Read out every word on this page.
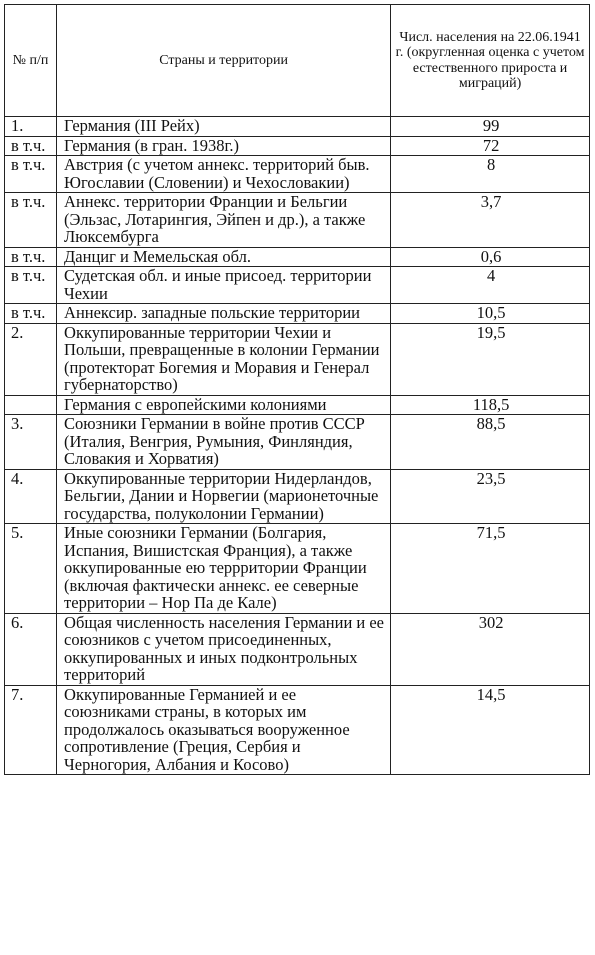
№ п/п	Страны и территории	Числ. населения на 22.06.1941 г. (округленная оценка с учетом естественного прироста и миграций)
1.	Германия (III Рейх)	99
в т.ч.	Германия (в гран. 1938г.)	72
в т.ч.	Австрия (с учетом аннекс. территорий быв. Югославии (Словении) и Чехословакии)	8
в т.ч.	Аннекс. территории Франции и Бельгии (Эльзас, Лотарингия, Эйпен и др.), а также Люксембурга	3,7
в т.ч.	Данциг и Мемельская обл.	0,6
в т.ч.	Судетская обл. и иные присоед. территории Чехии	4
в т.ч.	Аннексир. западные польские территории	10,5
2.	Оккупированные территории Чехии и Польши, превращенные в колонии Германии (протекторат Богемия и Моравия и Генерал губернаторство)	19,5
	Германия с европейскими колониями	118,5
3.	Союзники Германии в войне против СССР (Италия, Венгрия, Румыния, Финляндия, Словакия и Хорватия)	88,5
4.	Оккупированные территории Нидерландов, Бельгии, Дании и Норвегии (марионеточные государства, полуколонии Германии)	23,5
5.	Иные союзники Германии (Болгария, Испания, Вишистская Франция), а также оккупированные ею террритории Франции (включая фактически аннекс. ее северные территории – Нор Па де Кале)	71,5
6.	Общая численность населения Германии и ее союзников с учетом присоединенных, оккупированных и иных подконтрольных территорий	302
7.	Оккупированные Германией и ее союзниками страны, в которых им продолжалось оказываться вооруженное сопротивление (Греция, Сербия и Черногория, Албания и Косово)	14,5
